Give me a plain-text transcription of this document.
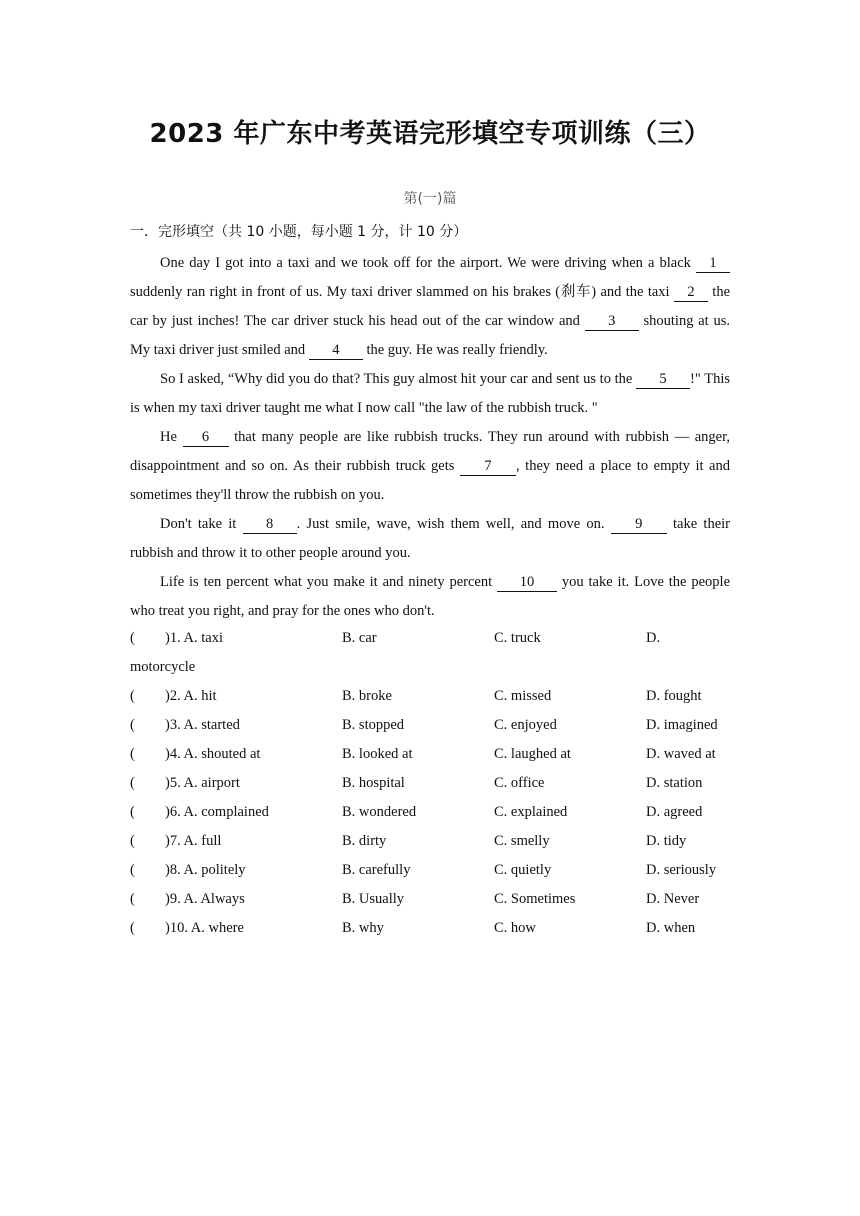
2023 年广东中考英语完形填空专项训练（三）
第(一)篇
一．完形填空（共 10 小题，每小题 1 分，计 10 分）

One day I got into a taxi and we took off for the airport. We were driving when a black 1 suddenly ran right in front of us. My taxi driver slammed on his brakes (刹车) and the taxi 2 the car by just inches! The car driver stuck his head out of the car window and 3 shouting at us. My taxi driver just smiled and 4 the guy. He was really friendly.

So I asked, “Why did you do that? This guy almost hit your car and sent us to the 5 !" This is when my taxi driver taught me what I now call "the law of the rubbish truck. "

He 6 that many people are like rubbish trucks. They run around with rubbish — anger, disappointment and so on. As their rubbish truck gets 7 , they need a place to empty it and sometimes they'll throw the rubbish on you.

Don't take it 8 . Just smile, wave, wish them well, and move on. 9 take their rubbish and throw it to other people around you.

Life is ten percent what you make it and ninety percent 10 you take it. Love the people who treat you right, and pray for the ones who don't.

( )1. A. taxi	B. car	C. truck	D.
motorcycle
( )2. A. hit	B. broke	C. missed	D. fought
( )3. A. started	B. stopped	C. enjoyed	D. imagined
( )4. A. shouted at	B. looked at	C. laughed at	D. waved at
( )5. A. airport	B. hospital	C. office	D. station
( )6. A. complained	B. wondered	C. explained	D. agreed
( )7. A. full	B. dirty	C. smelly	D. tidy
( )8. A. politely	B. carefully	C. quietly	D. seriously
( )9. A. Always	B. Usually	C. Sometimes	D. Never
( )10. A. where	B. why	C. how	D. when
